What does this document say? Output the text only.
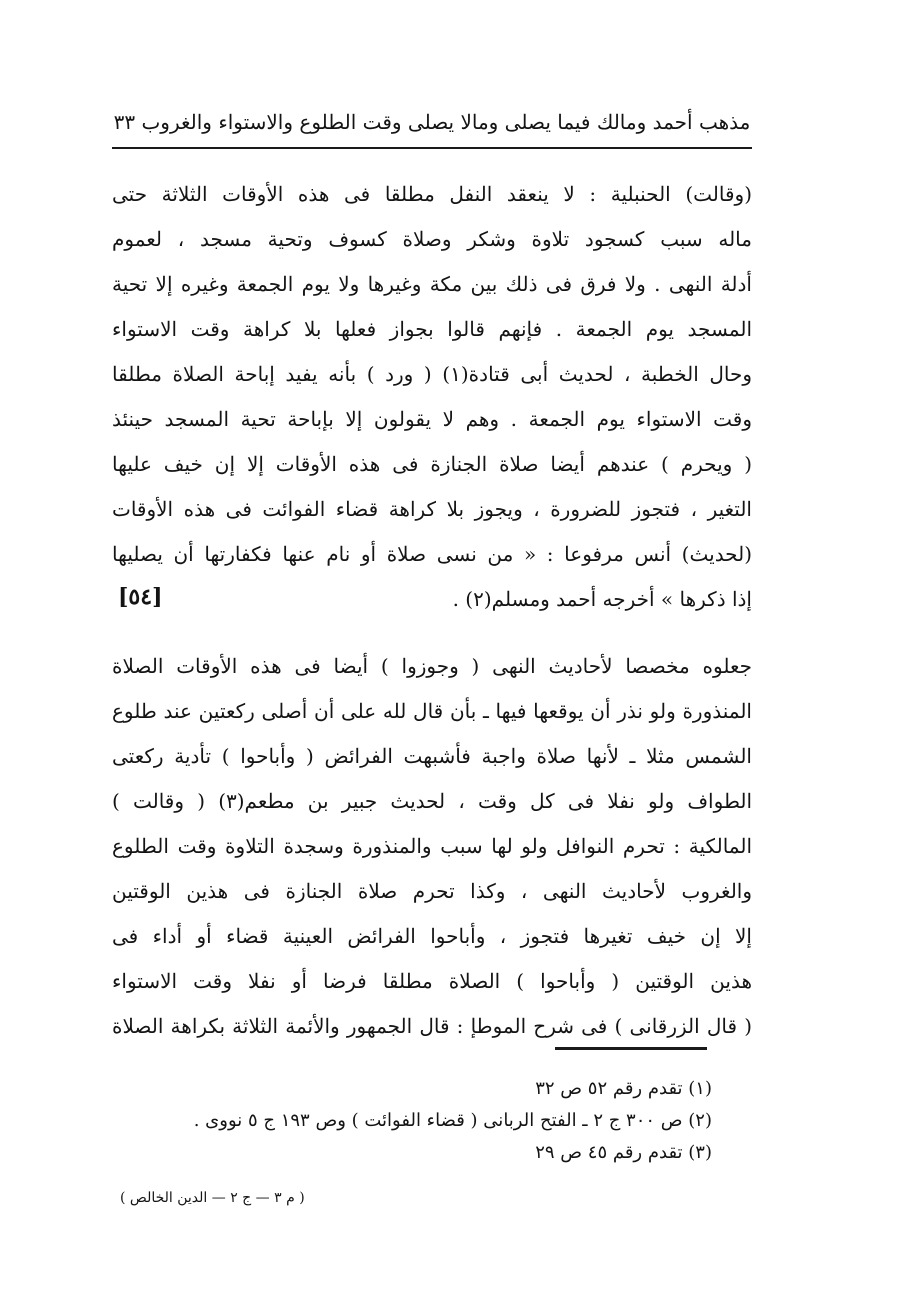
مذهب أحمد ومالك فيما يصلى ومالا يصلى وقت الطلوع والاستواء والغروب ٣٣
(وقالت) الحنبلية : لا ينعقد النفل مطلقا فى هذه الأوقات الثلاثة حتى
ماله سبب كسجود تلاوة وشكر وصلاة كسوف وتحية مسجد ، لعموم
أدلة النهى . ولا فرق فى ذلك بين مكة وغيرها ولا يوم الجمعة وغيره إلا تحية
المسجد يوم الجمعة . فإنهم قالوا بجواز فعلها بلا كراهة وقت الاستواء
وحال الخطبة ، لحديث أبى قتادة(١) ( ورد ) بأنه يفيد إباحة الصلاة مطلقا
وقت الاستواء يوم الجمعة . وهم لا يقولون إلا بإباحة تحية المسجد حينئذ
( ويحرم ) عندهم أيضا صلاة الجنازة فى هذه الأوقات إلا إن خيف عليها
التغير ، فتجوز للضرورة ، ويجوز بلا كراهة قضاء الفوائت فى هذه الأوقات
(لحديث) أنس مرفوعا : « من نسى صلاة أو نام عنها فكفارتها أن يصليها
إذا ذكرها » أخرجه أحمد ومسلم(٢) .
[٥٤]
جعلوه مخصصا لأحاديث النهى ( وجوزوا ) أيضا فى هذه الأوقات الصلاة
المنذورة ولو نذر أن يوقعها فيها ـ بأن قال لله على أن أصلى ركعتين عند طلوع
الشمس مثلا ـ لأنها صلاة واجبة فأشبهت الفرائض ( وأباحوا ) تأدية ركعتى
الطواف ولو نفلا فى كل وقت ، لحديث جبير بن مطعم(٣) ( وقالت )
المالكية : تحرم النوافل ولو لها سبب والمنذورة وسجدة التلاوة وقت الطلوع
والغروب لأحاديث النهى ، وكذا تحرم صلاة الجنازة فى هذين الوقتين
إلا إن خيف تغيرها فتجوز ، وأباحوا الفرائض العينية قضاء أو أداء فى
هذين الوقتين ( وأباحوا ) الصلاة مطلقا فرضا أو نفلا وقت الاستواء
( قال الزرقانى ) فى شرح الموطإ : قال الجمهور والأئمة الثلاثة بكراهة الصلاة
(١) تقدم رقم ٥٢ ص ٣٢
(٢) ص ٣٠٠ ج ٢ ـ الفتح الربانى ( قضاء الفوائت ) وص ١٩٣ ج ٥ نووى .
(٣) تقدم رقم ٤٥ ص ٢٩
( م ٣ — ج ٢ — الدين الخالص )
